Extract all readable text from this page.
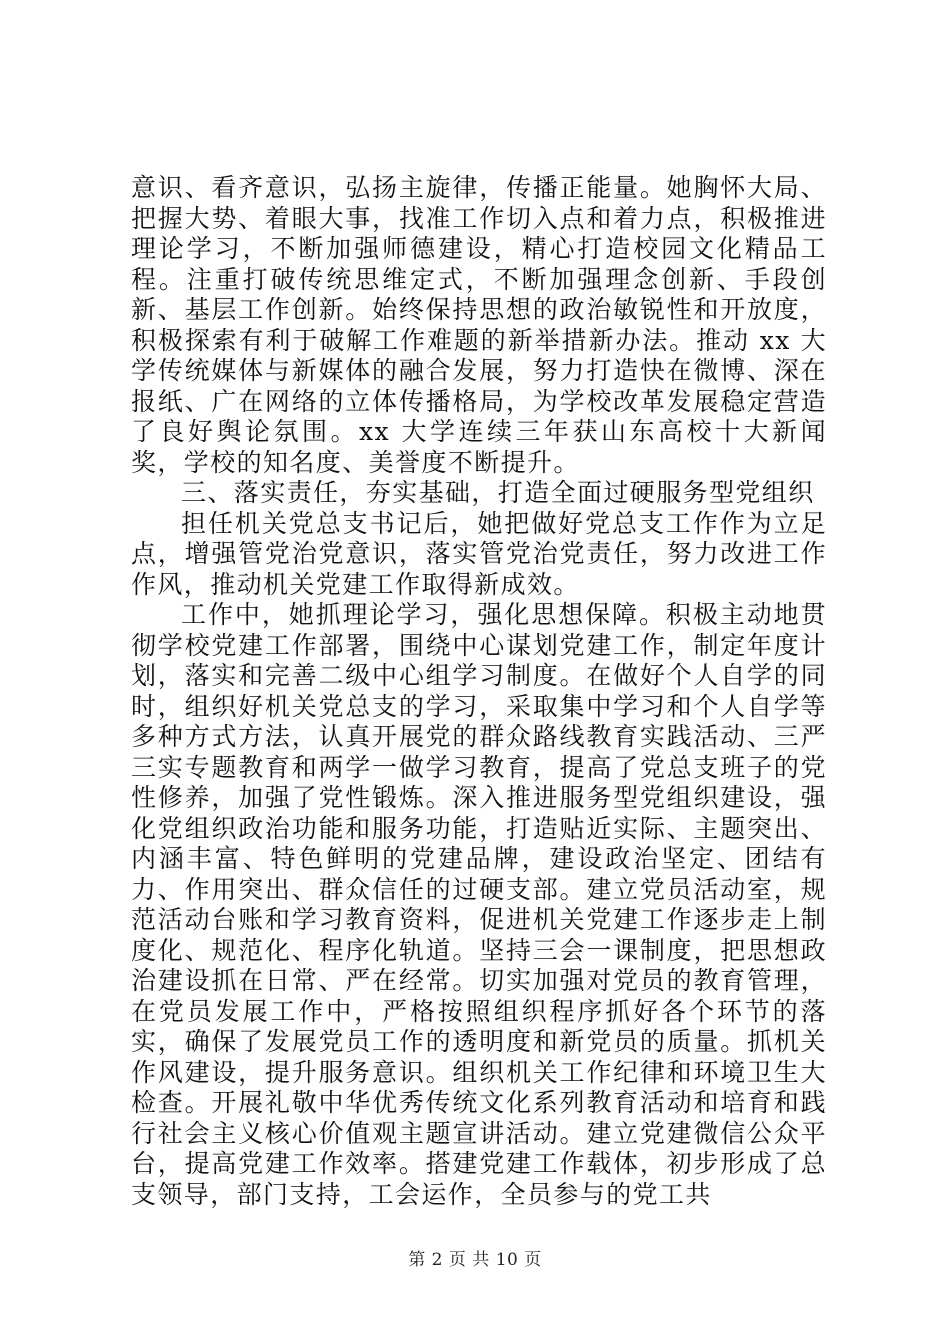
意识、看齐意识，弘扬主旋律，传播正能量。她胸怀大局、把握大势、着眼大事，找准工作切入点和着力点，积极推进理论学习，不断加强师德建设，精心打造校园文化精品工程。注重打破传统思维定式，不断加强理念创新、手段创新、基层工作创新。始终保持思想的政治敏锐性和开放度，积极探索有利于破解工作难题的新举措新办法。推动 xx 大学传统媒体与新媒体的融合发展，努力打造快在微博、深在报纸、广在网络的立体传播格局，为学校改革发展稳定营造了良好舆论氛围。xx 大学连续三年获山东高校十大新闻奖，学校的知名度、美誉度不断提升。

三、落实责任，夯实基础，打造全面过硬服务型党组织

担任机关党总支书记后，她把做好党总支工作作为立足点，增强管党治党意识，落实管党治党责任，努力改进工作作风，推动机关党建工作取得新成效。

工作中，她抓理论学习，强化思想保障。积极主动地贯彻学校党建工作部署，围绕中心谋划党建工作，制定年度计划，落实和完善二级中心组学习制度。在做好个人自学的同时，组织好机关党总支的学习，采取集中学习和个人自学等多种方式方法，认真开展党的群众路线教育实践活动、三严三实专题教育和两学一做学习教育，提高了党总支班子的党性修养，加强了党性锻炼。深入推进服务型党组织建设，强化党组织政治功能和服务功能，打造贴近实际、主题突出、内涵丰富、特色鲜明的党建品牌，建设政治坚定、团结有力、作用突出、群众信任的过硬支部。建立党员活动室，规范活动台账和学习教育资料，促进机关党建工作逐步走上制度化、规范化、程序化轨道。坚持三会一课制度，把思想政治建设抓在日常、严在经常。切实加强对党员的教育管理，在党员发展工作中，严格按照组织程序抓好各个环节的落实，确保了发展党员工作的透明度和新党员的质量。抓机关作风建设，提升服务意识。组织机关工作纪律和环境卫生大检查。开展礼敬中华优秀传统文化系列教育活动和培育和践行社会主义核心价值观主题宣讲活动。建立党建微信公众平台，提高党建工作效率。搭建党建工作载体，初步形成了总支领导，部门支持，工会运作，全员参与的党工共

第 2 页 共 10 页
